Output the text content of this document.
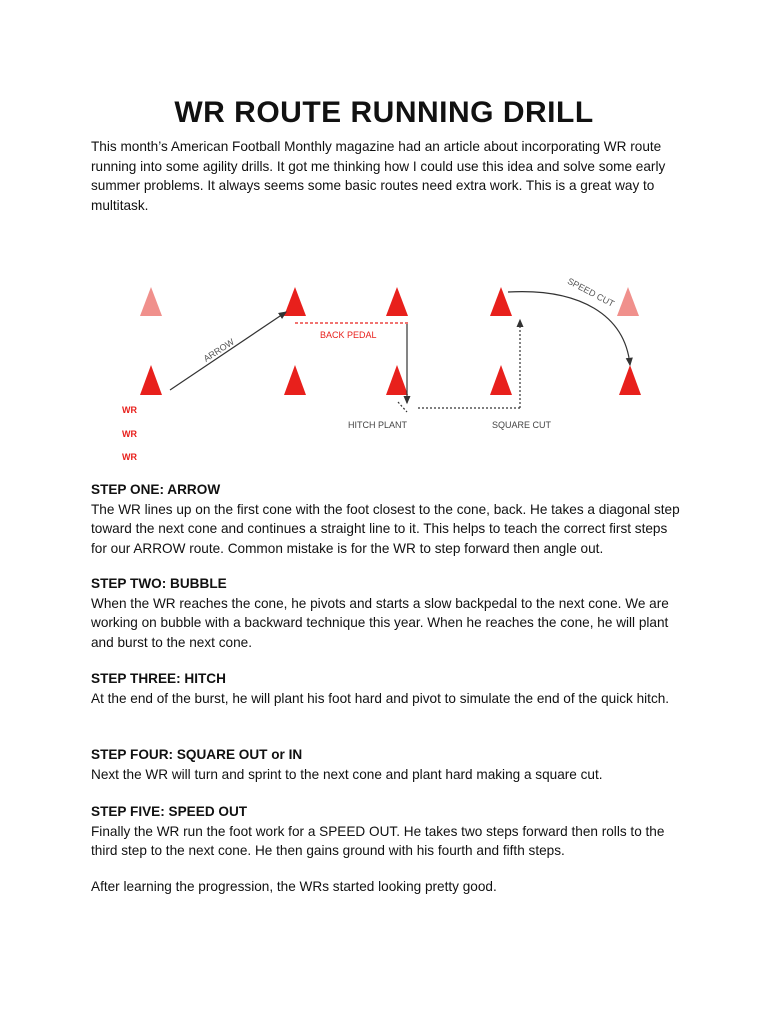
WR ROUTE RUNNING DRILL

This month’s American Football Monthly magazine had an article about incorporating WR route running into some agility drills. It got me thinking how I could use this idea and solve some early summer problems. It always seems some basic routes need extra work. This is a great way to multitask.

ARROW
BACK PEDAL
HITCH PLANT	SQUARE CUT
SPEED CUT
WR
WR
WR
STEP ONE: ARROW

The WR lines up on the first cone with the foot closest to the cone, back. He takes a diagonal step toward the next cone and continues a straight line to it. This helps to teach the correct first steps for our ARROW route. Common mistake is for the WR to step forward then angle out.

STEP TWO: BUBBLE

When the WR reaches the cone, he pivots and starts a slow backpedal to the next cone. We are working on bubble with a backward technique this year. When he reaches the cone, he will plant and burst to the next cone.

STEP THREE: HITCH

At the end of the burst, he will plant his foot hard and pivot to simulate the end of the quick hitch.

STEP FOUR: SQUARE OUT or IN

Next the WR will turn and sprint to the next cone and plant hard making a square cut.

STEP FIVE: SPEED OUT

Finally the WR run the foot work for a SPEED OUT. He takes two steps forward then rolls to the third step to the next cone. He then gains ground with his fourth and fifth steps.

After learning the progression, the WRs started looking pretty good.
